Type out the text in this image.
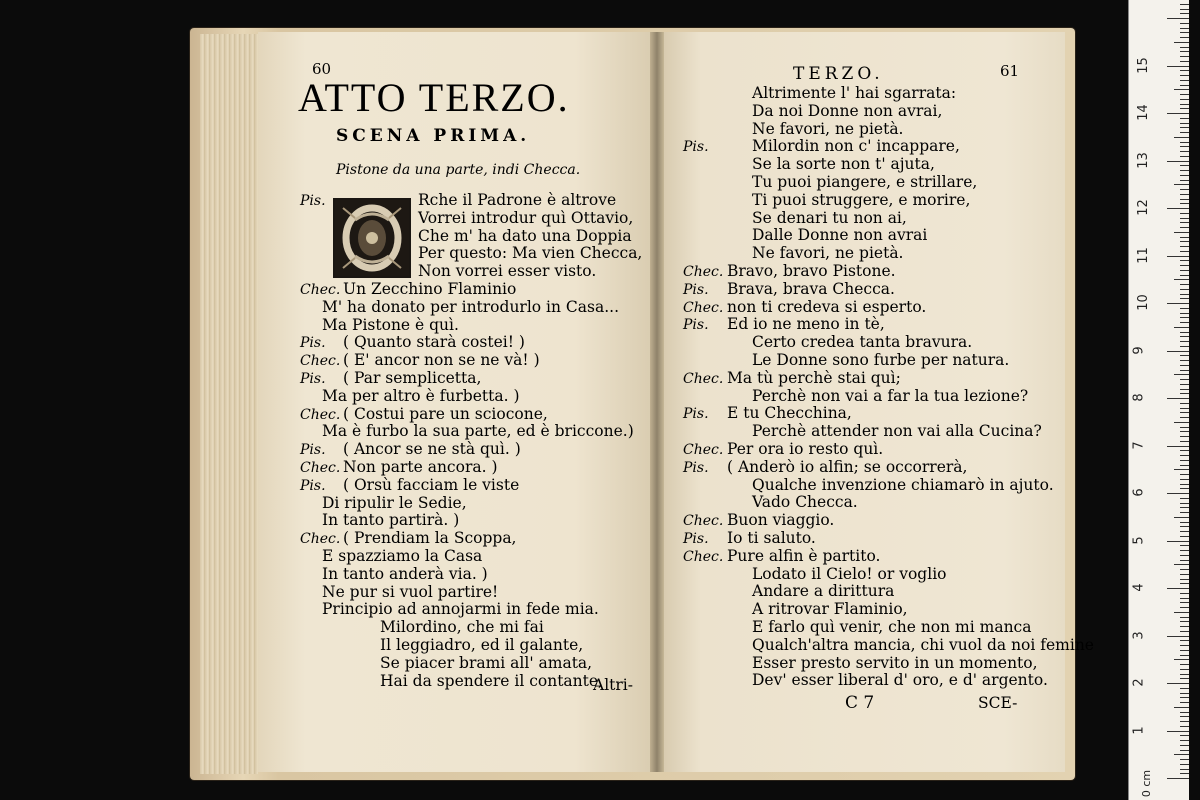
60
ATTO TERZO.
SCENA PRIMA.
Pistone da una parte, indi Checca.
Pis.	Rche il Padrone è altrove
Vorrei introdur quì Ottavio,
Che m' ha dato una Doppia
Per questo: Ma vien Checca,
Non vorrei esser visto.
Chec. Un Zecchino Flaminio
M' ha donato per introdurlo in Casa...
Ma Pistone è quì.
Pis. ( Quanto starà costei! )
Chec. ( E' ancor non se ne và! )
Pis. ( Par semplicetta,
Ma per altro è furbetta. )
Chec. ( Costui pare un sciocone,
Ma è furbo la sua parte, ed è briccone.)
Pis. ( Ancor se ne stà quì. )
Chec. Non parte ancora. )
Pis. ( Orsù facciam le viste
Di ripulir le Sedie,
In tanto partirà. )
Chec. ( Prendiam la Scoppa,
E spazziamo la Casa
In tanto anderà via. )
Ne pur si vuol partire!
Principio ad annojarmi in fede mia.
Milordino, che mi fai
Il leggiadro, ed il galante,
Se piacer brami all' amata,
Hai da spendere il contante,
Altri-
TERZO.	61
Altrimente l' hai sgarrata:
Da noi Donne non avrai,
Ne favori, ne pietà.
Pis.	Milordin non c' incappare,
Se la sorte non t' ajuta,
Tu puoi piangere, e strillare,
Ti puoi struggere, e morire,
Se denari tu non ai,
Dalle Donne non avrai
Ne favori, ne pietà.
Chec. Bravo, bravo Pistone.
Pis. Brava, brava Checca.
Chec. non ti credeva si esperto.
Pis. Ed io ne meno in tè,
Certo credea tanta bravura.
Le Donne sono furbe per natura.
Chec. Ma tù perchè stai quì;
Perchè non vai a far la tua lezione?
Pis. E tu Checchina,
Perchè attender non vai alla Cucina?
Chec. Per ora io resto quì.
Pis. ( Anderò io alfin; se occorrerà,
Qualche invenzione chiamarò in ajuto.
Vado Checca.
Chec. Buon viaggio.
Pis. Io ti saluto.
Chec. Pure alfin è partito.
Lodato il Cielo! or voglio
Andare a dirittura
A ritrovar Flaminio,
E farlo quì venir, che non mi manca
Qualch'altra mancia, chi vuol da noi femine
Esser presto servito in un momento,
Dev' esser liberal d' oro, e d' argento.
C 7	SCE-
1
2
3
4
5
6
7
8
9
10
11
12
13
14
15
0 cm
